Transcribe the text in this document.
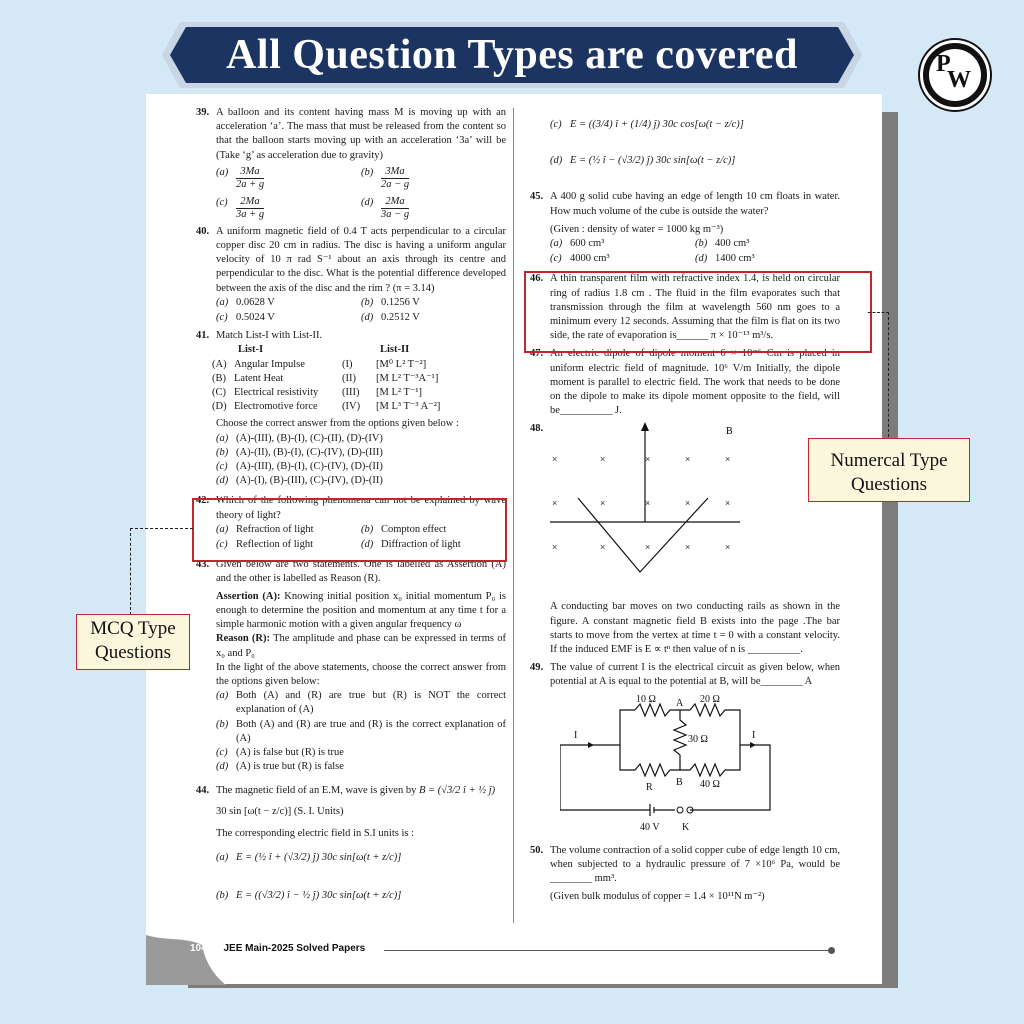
All Question Types are covered	P
W
39. A balloon and its content having mass M is moving up with an acceleration ‘a’. The mass that must be released from the content so that the balloon starts moving up with an acceleration ‘3a’ will be (Take ‘g’ as acceleration due to gravity)
$(a) \frac{3Ma}{2a + g}$	$(b) \frac{3Ma}{2a - g}$
$(c) \frac{2Ma}{3a + g}$	$(d) \frac{2Ma}{3a - g}$
40. A uniform magnetic field of 0.4 T acts perpendicular to a circular copper disc 20 cm in radius. The disc is having a uniform angular velocity of 10 π rad S⁻¹ about an axis through its centre and perpendicular to the disc. What is the potential difference developed between the axis of the disc and the rim ? (π = 3.14)
(a) 0.0628 V	(b) 0.1256 V
(c) 0.5024 V	(d) 0.2512 V
41. Match List-I with List-II.
List-I	List-II
(A) Angular Impulse	(I)	[M⁰ L² T⁻²]
(B) Latent Heat	(II)	[M L² T⁻³A⁻¹]
(C) Electrical resistivity	(III)	[M L² T⁻¹]
(D) Electromotive force	(IV)	[M L³ T⁻³ A⁻²]
Choose the correct answer from the options given below :
(a) (A)-(III), (B)-(I), (C)-(II), (D)-(IV)
(b) (A)-(II), (B)-(I), (C)-(IV), (D)-(III)
(c) (A)-(III), (B)-(I), (C)-(IV), (D)-(II)
(d) (A)-(I), (B)-(III), (C)-(IV), (D)-(II)
42. Which of the following phenomena can not be explained by wave theory of light?
(a) Refraction of light	(b) Compton effect
(c) Reflection of light	(d) Diffraction of light
43. Given below are two statements. One is labelled as Assertion (A) and the other is labelled as Reason (R).
Assertion (A): Knowing initial position x₀ initial momentum P₀ is enough to determine the position and momentum at any time t for a simple harmonic motion with a given angular frequency ω
Reason (R): The amplitude and phase can be expressed in terms of x₀ and P₀
In the light of the above statements, choose the correct answer from the options given below:
(a) Both (A) and (R) are true but (R) is NOT the correct explanation of (A)
(b) Both (A) and (R) are true and (R) is the correct explanation of (A)
(c) (A) is false but (R) is true
(d) (A) is true but (R) is false
44. The magnetic field of an E.M, wave is given by B = (√3/2 î + ½ ĵ)
30 sin [ω(t − z/c)] (S. I. Units)
The corresponding electric field in S.I units is :
(a) E = (½ î + (√3/2) ĵ) 30c sin[ω(t + z/c)]
(b) E = ((√3/2) î − ½ ĵ) 30c sin[ω(t + z/c)]
(c) E = ((3/4) î + (1/4) ĵ) 30c cos[ω(t − z/c)]
(d) E = (½ î − (√3/2) ĵ) 30c sin[ω(t − z/c)]
45. A 400 g solid cube having an edge of length 10 cm floats in water. How much volume of the cube is outside the water?
(Given : density of water = 1000 kg m⁻³)
(a) 600 cm³	(b) 400 cm³
(c) 4000 cm³	(d) 1400 cm³
46. A thin transparent film with refractive index 1.4, is held on circular ring of radius 1.8 cm . The fluid in the film evaporates such that transmission through the film at wavelength 560 nm goes to a minimum every 12 seconds. Assuming that the film is flat on its two side, the rate of evaporation is______ π × 10⁻¹³ m³/s.
47. An electric dipole of dipole moment 6 × 10⁻⁶ Cm is placed in uniform electric field of magnitude. 10⁶ V/m Initially, the dipole moment is parallel to electric field. The work that needs to be done on the dipole to make its dipole moment opposite to the field, will be__________ J.
48.
×	×	×	×	×
×	×	×	×	×
×	×	×	×	×
B
A conducting bar moves on two conducting rails as shown in the figure. A constant magnetic field B exists into the page .The bar starts to move from the vertex at time t = 0 with a constant velocity. If the induced EMF is E ∝ tⁿ then value of n is __________.
49. The value of current I is the electrical circuit as given below, when potential at A is equal to the potential at B, will be________ A
10 Ω	20 Ω
A
30 Ω
R B 40 Ω
I	I
40 V K
50. The volume contraction of a solid copper cube of edge length 10 cm, when subjected to a hydraulic pressure of 7 ×10⁶ Pa, would be ________ mm³.
(Given bulk modulus of copper = 1.4 × 10¹¹N m⁻²)
MCQ Type Questions
Numercal Type Questions
104 JEE Main-2025 Solved Papers
